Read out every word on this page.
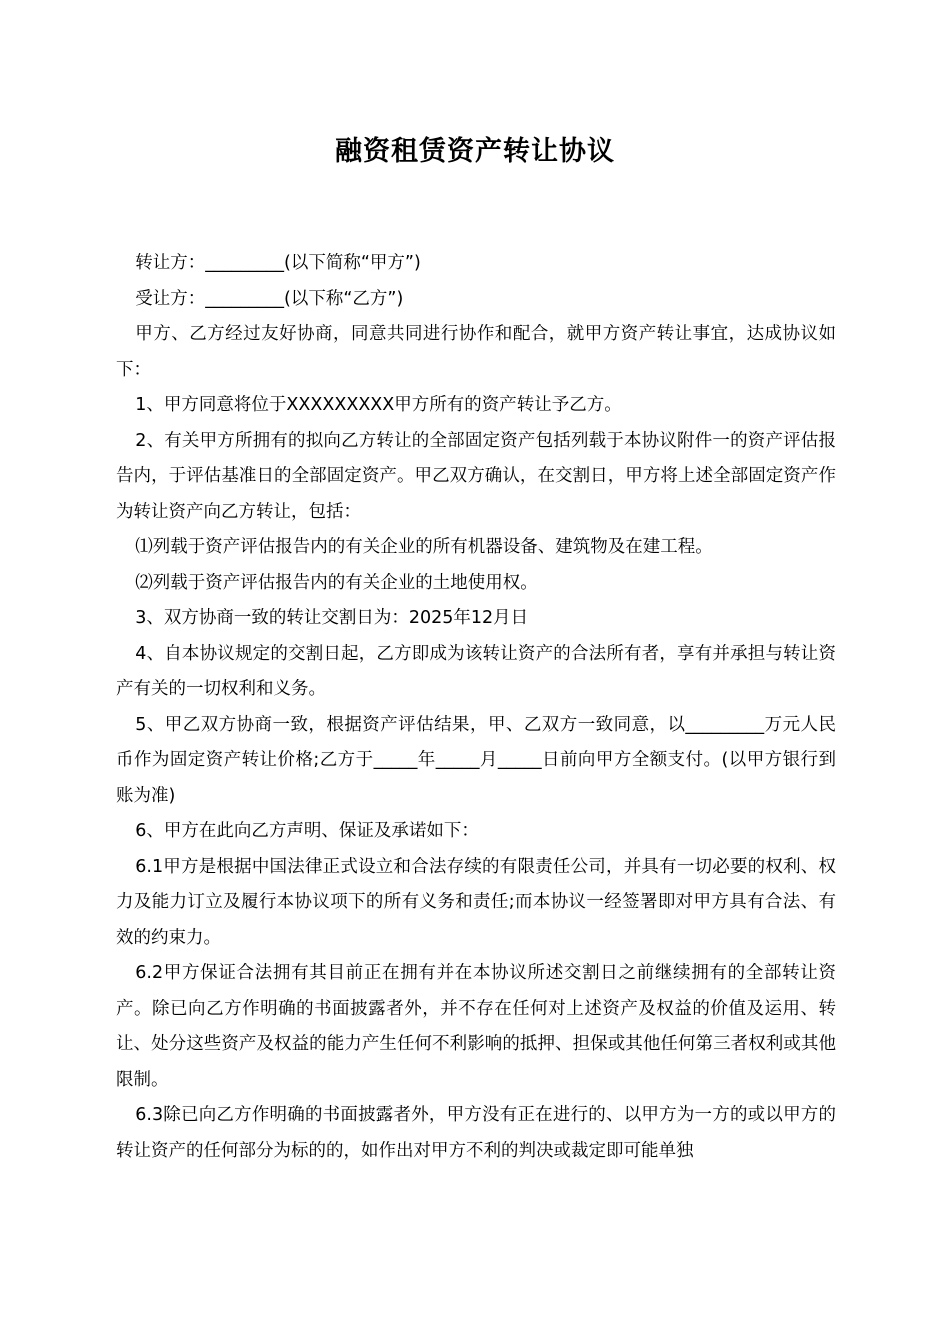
融资租赁资产转让协议

转让方：_________(以下简称“甲方”)

受让方：_________(以下称“乙方”)

甲方、乙方经过友好协商，同意共同进行协作和配合，就甲方资产转让事宜，达成协议如下：

1、甲方同意将位于XXXXXXXXX甲方所有的资产转让予乙方。

2、有关甲方所拥有的拟向乙方转让的全部固定资产包括列载于本协议附件一的资产评估报告内，于评估基准日的全部固定资产。甲乙双方确认，在交割日，甲方将上述全部固定资产作为转让资产向乙方转让，包括：

⑴列载于资产评估报告内的有关企业的所有机器设备、建筑物及在建工程。

⑵列载于资产评估报告内的有关企业的土地使用权。

3、双方协商一致的转让交割日为：2025年12月日

4、自本协议规定的交割日起，乙方即成为该转让资产的合法所有者，享有并承担与转让资产有关的一切权利和义务。

5、甲乙双方协商一致，根据资产评估结果，甲、乙双方一致同意，以_________万元人民币作为固定资产转让价格;乙方于_____年_____月_____日前向甲方全额支付。(以甲方银行到账为准)

6、甲方在此向乙方声明、保证及承诺如下：

6.1甲方是根据中国法律正式设立和合法存续的有限责任公司，并具有一切必要的权利、权力及能力订立及履行本协议项下的所有义务和责任;而本协议一经签署即对甲方具有合法、有效的约束力。

6.2甲方保证合法拥有其目前正在拥有并在本协议所述交割日之前继续拥有的全部转让资产。除已向乙方作明确的书面披露者外，并不存在任何对上述资产及权益的价值及运用、转让、处分这些资产及权益的能力产生任何不利影响的抵押、担保或其他任何第三者权利或其他限制。

6.3除已向乙方作明确的书面披露者外，甲方没有正在进行的、以甲方为一方的或以甲方的转让资产的任何部分为标的的，如作出对甲方不利的判决或裁定即可能单独
